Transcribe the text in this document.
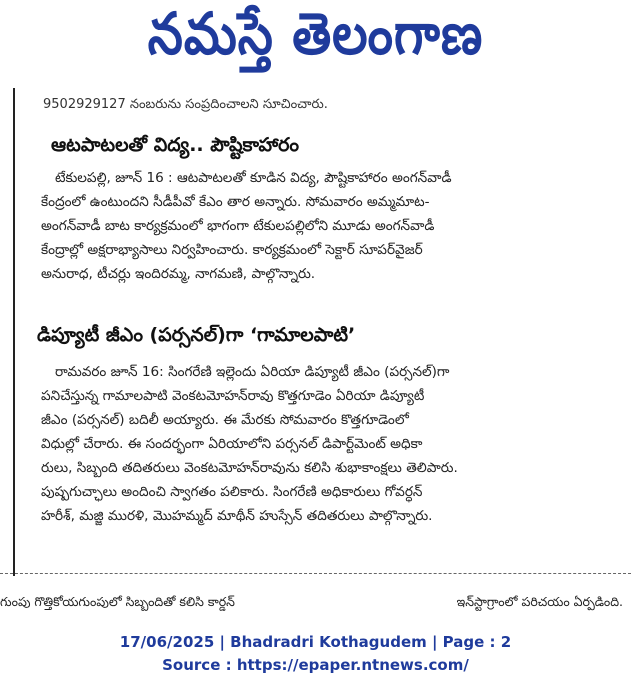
నమస్తే తెలంగాణ
9502929127 నంబరును సంప్రదించాలని సూచించారు.
ఆటపాటలతో విద్య.. పౌష్టికాహారం
టేకులపల్లి, జూన్ 16 : ఆటపాటలతో కూడిన విద్య, పౌష్టికాహారం అంగన్‌వాడీ
కేంద్రంలో ఉంటుందని సీడీపీవో కేఎం తార అన్నారు. సోమవారం అమ్మమాట-
అంగన్‌వాడీ బాట కార్యక్రమంలో భాగంగా టేకులపల్లిలోని మూడు అంగన్‌వాడీ
కేంద్రాల్లో అక్షరాభ్యాసాలు నిర్వహించారు. కార్యక్రమంలో సెక్టార్ సూపర్‌వైజర్
అనురాధ, టీచర్లు ఇందిరమ్మ, నాగమణి, పాల్గొన్నారు.
డిప్యూటీ జీఎం (పర్సనల్)గా ‘గామాలపాటి’
రామవరం జూన్ 16: సింగరేణి ఇల్లెందు ఏరియా డిప్యూటీ జీఎం (పర్సనల్)గా
పనిచేస్తున్న గామాలపాటి వెంకటమోహన్‌రావు కొత్తగూడెం ఏరియా డిప్యూటీ
జీఎం (పర్సనల్) బదిలీ అయ్యారు. ఈ మేరకు సోమవారం కొత్తగూడెంలో
విధుల్లో చేరారు. ఈ సందర్భంగా ఏరియాలోని పర్సనల్ డిపార్ట్‌మెంట్ అధికా
రులు, సిబ్బంది తదితరులు వెంకటమోహన్‌రావును కలిసి శుభాకాంక్షలు తెలిపారు.
పుష్పగుచ్ఛాలు అందించి స్వాగతం పలికారు. సింగరేణి అధికారులు గోవర్ధన్
హరీశ్, మజ్జి మురళి, మొహమ్మద్ మాథీన్ హుస్సేన్ తదితరులు పాల్గొన్నారు.
గుంపు గొత్తికోయగుంపులో సిబ్బందితో కలిసి కార్డన్	ఇన్‌స్టాగ్రాంలో పరిచయం ఏర్పడింది.
17/06/2025 | Bhadradri Kothagudem | Page : 2
Source : https://epaper.ntnews.com/
